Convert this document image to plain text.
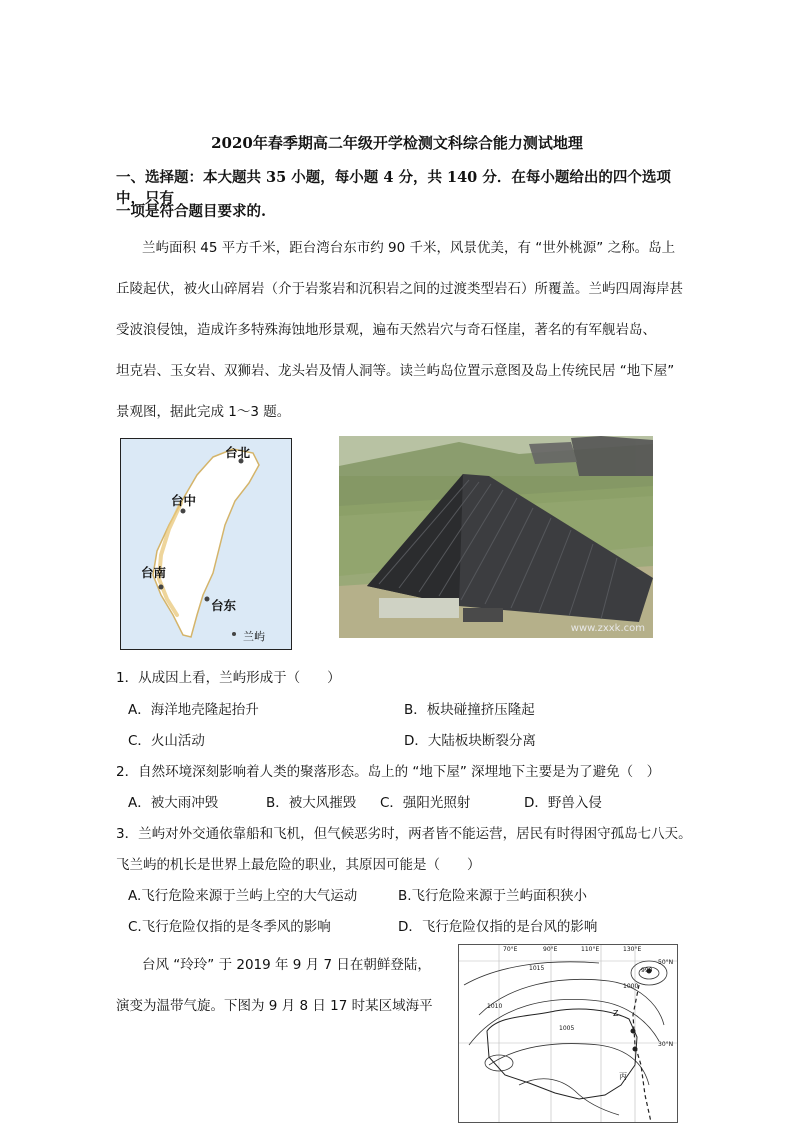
2020年春季期高二年级开学检测文科综合能力测试地理
一、选择题：本大题共 35 小题，每小题 4 分，共 140 分．在每小题给出的四个选项中，只有
一项是符合题目要求的.
兰屿面积 45 平方千米，距台湾台东市约 90 千米，风景优美，有 “世外桃源” 之称。岛上
丘陵起伏，被火山碎屑岩（介于岩浆岩和沉积岩之间的过渡类型岩石）所覆盖。兰屿四周海岸甚
受波浪侵蚀，造成许多特殊海蚀地形景观，遍布天然岩穴与奇石怪崖，著名的有军舰岩岛、
坦克岩、玉女岩、双狮岩、龙头岩及情人洞等。读兰屿岛位置示意图及岛上传统民居 “地下屋”
景观图，据此完成 1～3 题。
台北
台中
台南
台东
兰屿
www.zxxk.com
1．从成因上看，兰屿形成于（　　）
A．海洋地壳隆起抬升	B．板块碰撞挤压隆起
C．火山活动	D．大陆板块断裂分离
2．自然环境深刻影响着人类的聚落形态。岛上的 “地下屋” 深埋地下主要是为了避免（　）
A．被大雨冲毁	B．被大风摧毁 C．强阳光照射	D．野兽入侵
3．兰屿对外交通依靠船和飞机，但气候恶劣时，两者皆不能运营，居民有时得困守孤岛七八天。
飞兰屿的机长是世界上最危险的职业，其原因可能是（　　）
A.飞行危险来源于兰屿上空的大气运动	B.飞行危险来源于兰屿面积狭小
C.飞行危险仅指的是冬季风的影响	D．飞行危险仅指的是台风的影响
台风 “玲玲” 于 2019 年 9 月 7 日在朝鲜登陆，
演变为温带气旋。下图为 9 月 8 日 17 时某区域海平
70°E	90°E	110°E	130°E
50°N
30°N
1015
1010
1005
1000
990
Z
丙
